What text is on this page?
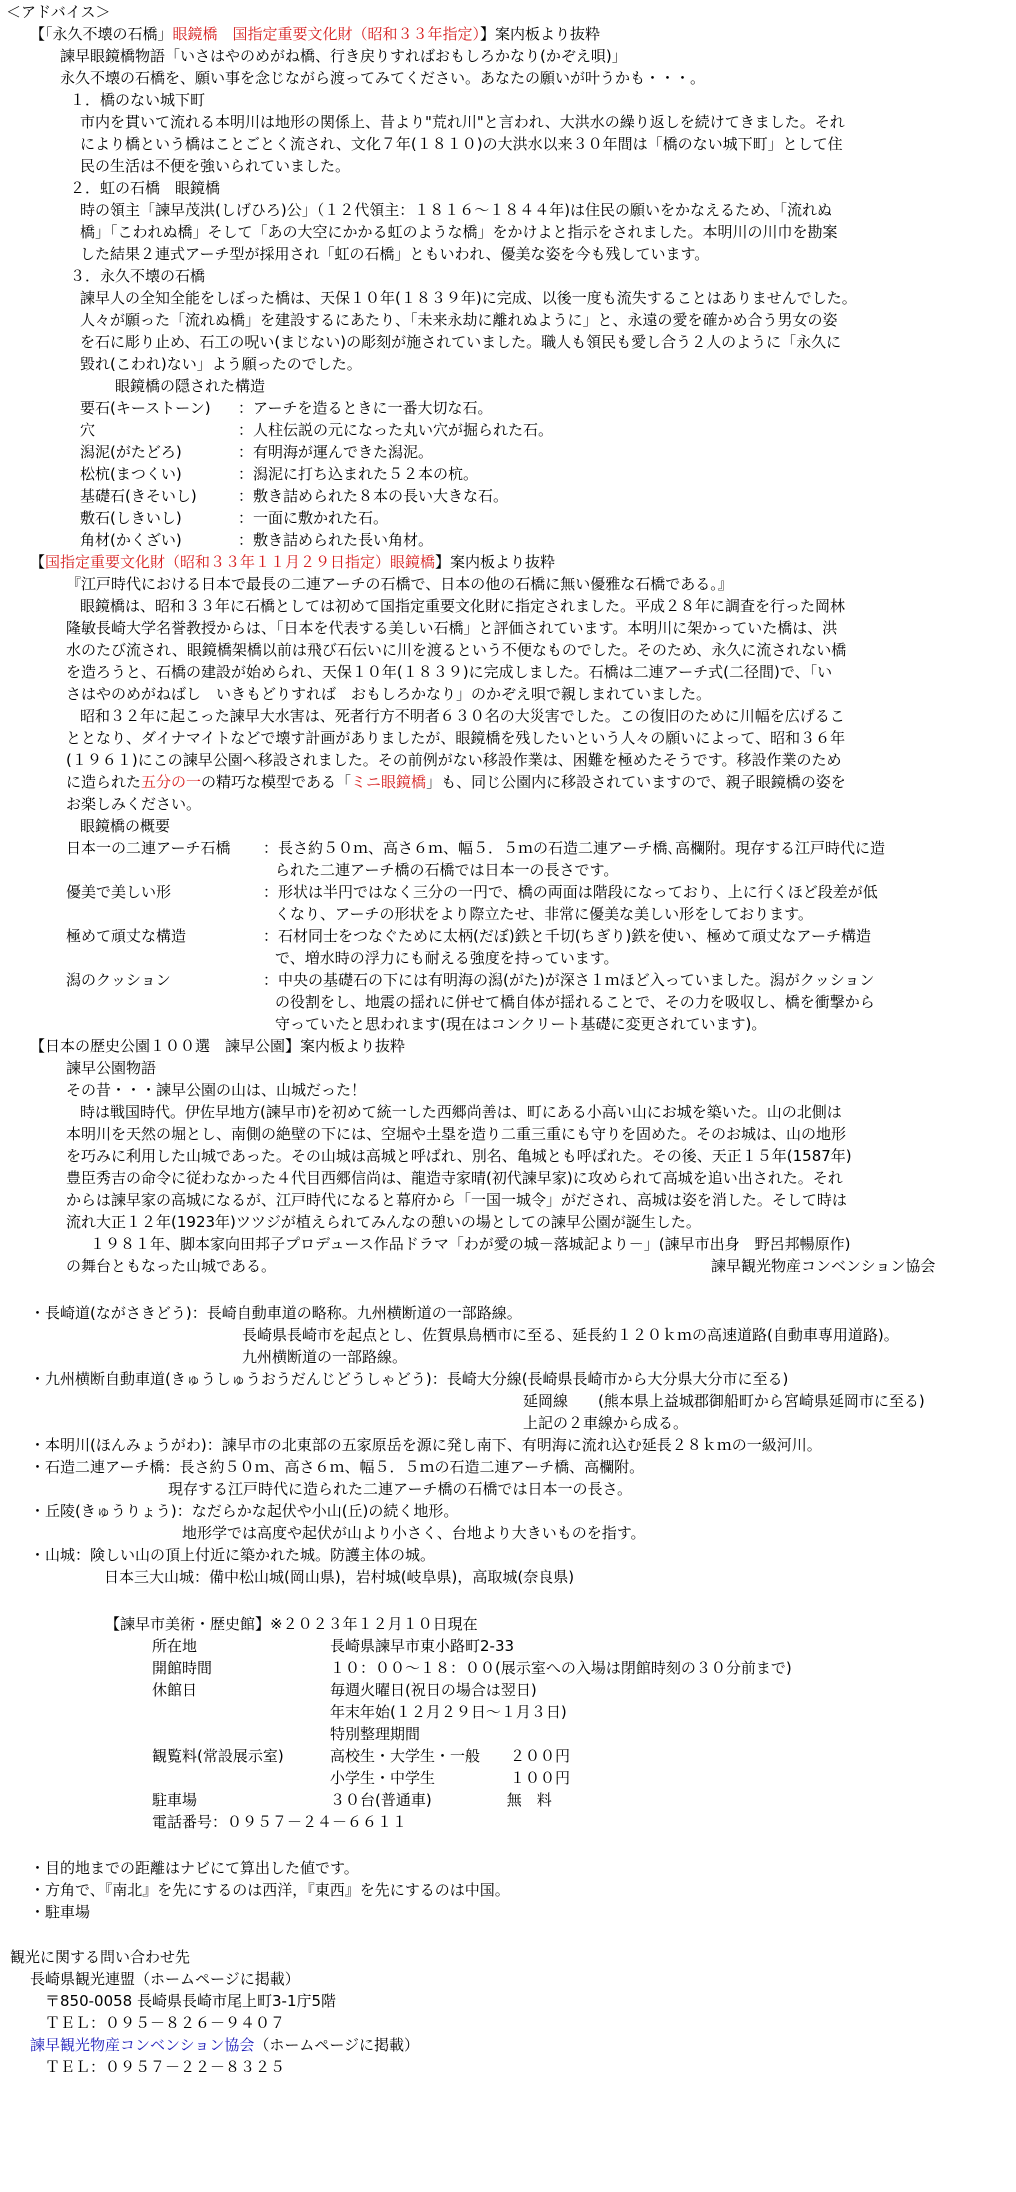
＜アドバイス＞
【「永久不壊の石橋」眼鏡橋　国指定重要文化財（昭和３３年指定）】案内板より抜粋
諫早眼鏡橋物語「いさはやのめがね橋、行き戻りすればおもしろかなり(かぞえ唄)」
永久不壊の石橋を、願い事を念じながら渡ってみてください。あなたの願いが叶うかも・・・。
１．橋のない城下町
市内を貫いて流れる本明川は地形の関係上、昔より"荒れ川"と言われ、大洪水の繰り返しを続けてきました。それ
により橋という橋はことごとく流され、文化７年(１８１０)の大洪水以来３０年間は「橋のない城下町」として住
民の生活は不便を強いられていました。
２．虹の石橋　眼鏡橋
時の領主「諫早茂洪(しげひろ)公」（１２代領主：１８１６～１８４４年)は住民の願いをかなえるため、「流れぬ
橋」「こわれぬ橋」そして「あの大空にかかる虹のような橋」をかけよと指示をされました。本明川の川巾を勘案
した結果２連式アーチ型が採用され「虹の石橋」ともいわれ、優美な姿を今も残しています。
３．永久不壊の石橋
諫早人の全知全能をしぼった橋は、天保１０年(１８３９年)に完成、以後一度も流失することはありませんでした。
人々が願った「流れぬ橋」を建設するにあたり、「未来永劫に離れぬように」と、永遠の愛を確かめ合う男女の姿
を石に彫り止め、石工の呪い(まじない)の彫刻が施されていました。職人も領民も愛し合う２人のように「永久に
毀れ(こわれ)ない」よう願ったのでした。
眼鏡橋の隠された構造
要石(キーストーン) ：アーチを造るときに一番大切な石。
穴	：人柱伝説の元になった丸い穴が掘られた石。
潟泥(がたどろ)	：有明海が運んできた潟泥。
松杭(まつくい)	：潟泥に打ち込まれた５２本の杭。
基礎石(きそいし)	：敷き詰められた８本の長い大きな石。
敷石(しきいし)	：一面に敷かれた石。
角材(かくざい)	：敷き詰められた長い角材。
【国指定重要文化財（昭和３３年１１月２９日指定）眼鏡橋】案内板より抜粋
『江戸時代における日本で最長の二連アーチの石橋で、日本の他の石橋に無い優雅な石橋である。』
眼鏡橋は、昭和３３年に石橋としては初めて国指定重要文化財に指定されました。平成２８年に調査を行った岡林
隆敏長崎大学名誉教授からは、「日本を代表する美しい石橋」と評価されています。本明川に架かっていた橋は、洪
水のたび流され、眼鏡橋架橋以前は飛び石伝いに川を渡るという不便なものでした。そのため、永久に流されない橋
を造ろうと、石橋の建設が始められ、天保１０年(１８３９)に完成しました。石橋は二連アーチ式(二径間)で、「い
さはやのめがねばし　いきもどりすれば　おもしろかなり」のかぞえ唄で親しまれていました。
昭和３２年に起こった諫早大水害は、死者行方不明者６３０名の大災害でした。この復旧のために川幅を広げるこ
ととなり、ダイナマイトなどで壊す計画がありましたが、眼鏡橋を残したいという人々の願いによって、昭和３６年
(１９６１)にこの諫早公園へ移設されました。その前例がない移設作業は、困難を極めたそうです。移設作業のため
に造られた五分の一の精巧な模型である「ミニ眼鏡橋」も、同じ公園内に移設されていますので、親子眼鏡橋の姿を
お楽しみください。
眼鏡橋の概要
日本一の二連アーチ石橋 ：長さ約５０ｍ、高さ６ｍ、幅５．５ｍの石造二連アーチ橋､高欄附。現存する江戸時代に造
られた二連アーチ橋の石橋では日本一の長さです。
優美で美しい形	：形状は半円ではなく三分の一円で、橋の両面は階段になっており、上に行くほど段差が低
くなり、アーチの形状をより際立たせ、非常に優美な美しい形をしております。
極めて頑丈な構造	：石材同士をつなぐために太柄(だぼ)鉄と千切(ちぎり)鉄を使い、極めて頑丈なアーチ構造
で、増水時の浮力にも耐える強度を持っています。
潟のクッション	：中央の基礎石の下には有明海の潟(がた)が深さ１ｍほど入っていました。潟がクッション
の役割をし、地震の揺れに併せて橋自体が揺れることで、その力を吸収し、橋を衝撃から
守っていたと思われます(現在はコンクリート基礎に変更されています)。
【日本の歴史公園１００選　諫早公園】案内板より抜粋
諫早公園物語
その昔・・・諫早公園の山は、山城だった！
時は戦国時代。伊佐早地方(諫早市)を初めて統一した西郷尚善は、町にある小高い山にお城を築いた。山の北側は
本明川を天然の堀とし、南側の絶壁の下には、空堀や土塁を造り二重三重にも守りを固めた。そのお城は、山の地形
を巧みに利用した山城であった。その山城は高城と呼ばれ、別名、亀城とも呼ばれた。その後、天正１５年(1587年)
豊臣秀吉の命令に従わなかった４代目西郷信尚は、龍造寺家晴(初代諫早家)に攻められて高城を追い出された。それ
からは諫早家の高城になるが、江戸時代になると幕府から「一国一城令」がだされ、高城は姿を消した。そして時は
流れ大正１２年(1923年)ツツジが植えられてみんなの憩いの場としての諫早公園が誕生した。
１９８１年、脚本家向田邦子プロデュース作品ドラマ「わが愛の城－落城記より－」(諫早市出身　野呂邦暢原作)
の舞台ともなった山城である。	諫早観光物産コンベンション協会
・長崎道(ながさきどう)：長崎自動車道の略称。九州横断道の一部路線。
長崎県長崎市を起点とし、佐賀県鳥栖市に至る、延長約１２０ｋｍの高速道路(自動車専用道路)。
九州横断道の一部路線。
・九州横断自動車道(きゅうしゅうおうだんじどうしゃどう)：長崎大分線(長崎県長崎市から大分県大分市に至る)
延岡線　　(熊本県上益城郡御船町から宮崎県延岡市に至る)
上記の２車線から成る。
・本明川(ほんみょうがわ)：諫早市の北東部の五家原岳を源に発し南下、有明海に流れ込む延長２８ｋｍの一級河川。
・石造二連アーチ橋：長さ約５０ｍ、高さ６ｍ、幅５．５ｍの石造二連アーチ橋、高欄附。
現存する江戸時代に造られた二連アーチ橋の石橋では日本一の長さ。
・丘陵(きゅうりょう)：なだらかな起伏や小山(丘)の続く地形。
地形学では高度や起伏が山より小さく、台地より大きいものを指す。
・山城：険しい山の頂上付近に築かれた城。防護主体の城。
日本三大山城：備中松山城(岡山県)，岩村城(岐阜県)，高取城(奈良県)
【諫早市美術・歴史館】※２０２３年１２月１０日現在
所在地	長崎県諫早市東小路町2-33
開館時間	１０：００～１８：００(展示室への入場は閉館時刻の３０分前まで)
休館日	毎週火曜日(祝日の場合は翌日)
年末年始(１２月２９日～１月３日)
特別整理期間
観覧料(常設展示室)	高校生・大学生・一般　　２００円
小学生・中学生　　　　　１００円
駐車場	３０台(普通車)　　　　　無　料
電話番号：０９５７－２４－６６１１
・目的地までの距離はナビにて算出した値です。
・方角で、『南北』を先にするのは西洋，『東西』を先にするのは中国。
・駐車場
観光に関する問い合わせ先
長崎県観光連盟（ホームページに掲載）
〒850-0058 長崎県長崎市尾上町3-1庁5階
ＴＥＬ：０９５－８２６－９４０７
諫早観光物産コンベンション協会（ホームページに掲載）
ＴＥＬ：０９５７－２２－８３２５
